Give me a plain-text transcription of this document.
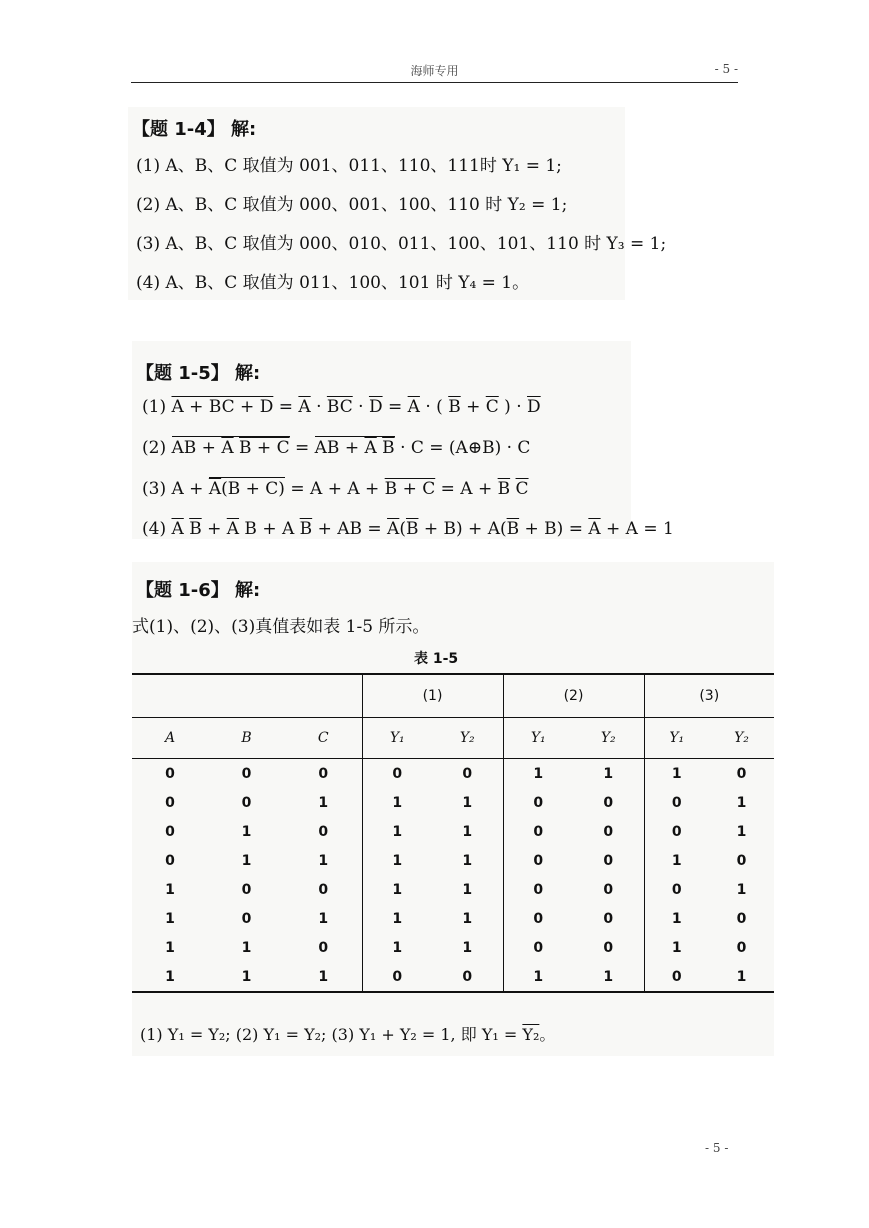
海师专用	- 5 -
【题 1-4】 解:
(1) A、B、C 取值为 001、011、110、111时 Y₁ = 1;
(2) A、B、C 取值为 000、001、100、110 时 Y₂ = 1;
(3) A、B、C 取值为 000、010、011、100、101、110 时 Y₃ = 1;
(4) A、B、C 取值为 011、100、101 时 Y₄ = 1。
【题 1-5】 解:
(1) A + BC + $D = \overline{A} \cdot \overline{BC} \cdot \overline{D} = \overline{A}$ · ( $\overline{B} + \overline{C}$ ) · $\overline{D}$
(2) AB + $\overline{A}$ $\overline{B} + C$ = AB + $\overline{A}$ $\overline{B} \cdot C$ = (A⊕B) · C
(3) $A + \overline{A}(B + C) = A + A + B + C = A + \overline{B}$ $\overline{C}$
(4) $\overline{A}$ $\overline{B} + \overline{A}$ B + A $\overline{B}$ + AB = $\overline{A}(\overline{B} + B) + A(\overline{B} + B) = \overline{A} + A = 1$
【题 1-6】 解:
式(1)、(2)、(3)真值表如表 1-5 所示。
表 1-5
			(1)		(2)		(3)	
A	B	C	Y₁	Y₂	Y₁	Y₂	Y₁	Y₂
0	0	0	0	0	1	1	1	0
0	0	1	1	1	0	0	0	1
0	1	0	1	1	0	0	0	1
0	1	1	1	1	0	0	1	0
1	0	0	1	1	0	0	0	1
1	0	1	1	1	0	0	1	0
1	1	0	1	1	0	0	1	0
1	1	1	0	0	1	1	0	1
(1) Y₁ = Y₂; (2) Y₁ = Y₂; (3) Y₁ + Y₂ = 1, 即 Y₁ = Y₂。
- 5 -
